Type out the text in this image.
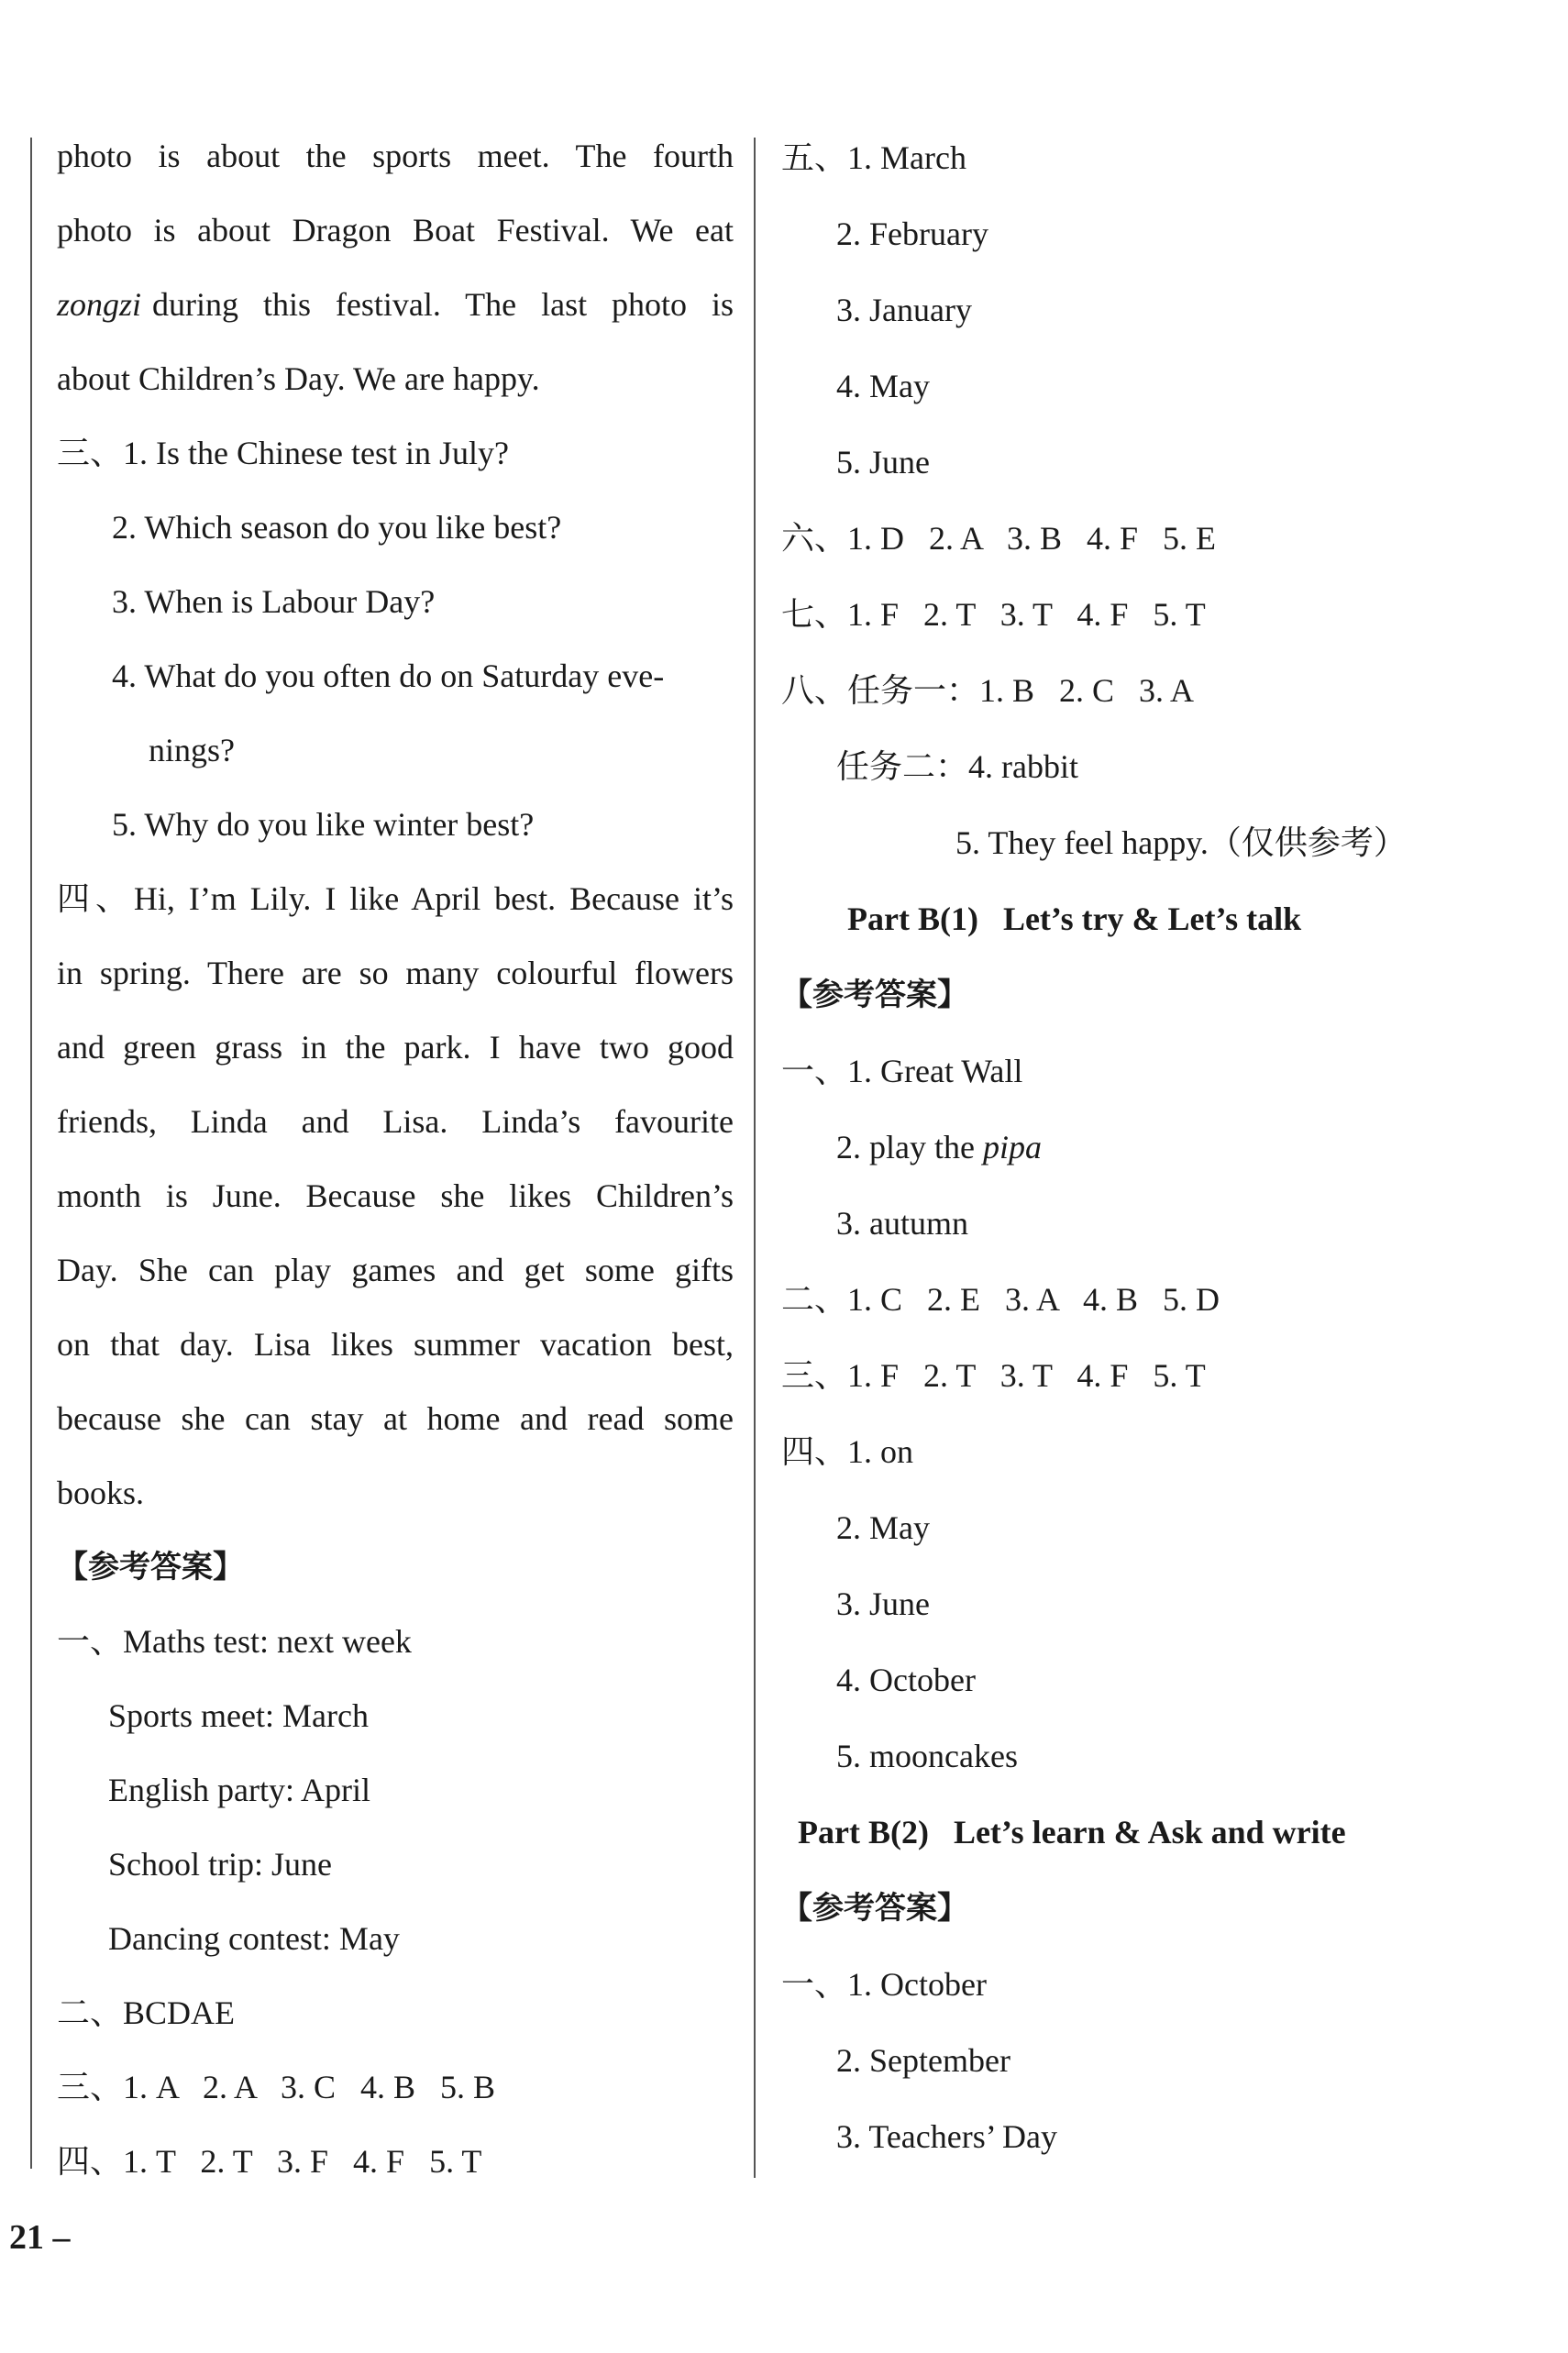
photo is about the sports meet. The fourth
photo is about Dragon Boat Festival. We eat
zongzi during this festival. The last photo is
about Children’s Day. We are happy.
三、1. Is the Chinese test in July?
2. Which season do you like best?
3. When is Labour Day?
4. What do you often do on Saturday eve-
nings?
5. Why do you like winter best?
四、Hi, I’m Lily. I like April best. Because it’s
in spring. There are so many colourful flowers
and green grass in the park. I have two good
friends, Linda and Lisa. Linda’s favourite
month is June. Because she likes Children’s
Day. She can play games and get some gifts
on that day. Lisa likes summer vacation best,
because she can stay at home and read some
books.
【参考答案】
一、Maths test: next week
Sports meet: March
English party: April
School trip: June
Dancing contest: May
二、BCDAE
三、1. A   2. A   3. C   4. B   5. B
四、1. T   2. T   3. F   4. F   5. T
五、1. March
2. February
3. January
4. May
5. June
六、1. D   2. A   3. B   4. F   5. E
七、1. F   2. T   3. T   4. F   5. T
八、任务一：1. B   2. C   3. A
任务二：4. rabbit
5. They feel happy.（仅供参考）
Part B(1)   Let’s try & Let’s talk
【参考答案】
一、1. Great Wall
2. play the pipa
3. autumn
二、1. C   2. E   3. A   4. B   5. D
三、1. F   2. T   3. T   4. F   5. T
四、1. on
2. May
3. June
4. October
5. mooncakes
Part B(2)   Let’s learn & Ask and write
【参考答案】
一、1. October
2. September
3. Teachers’ Day
21 –
